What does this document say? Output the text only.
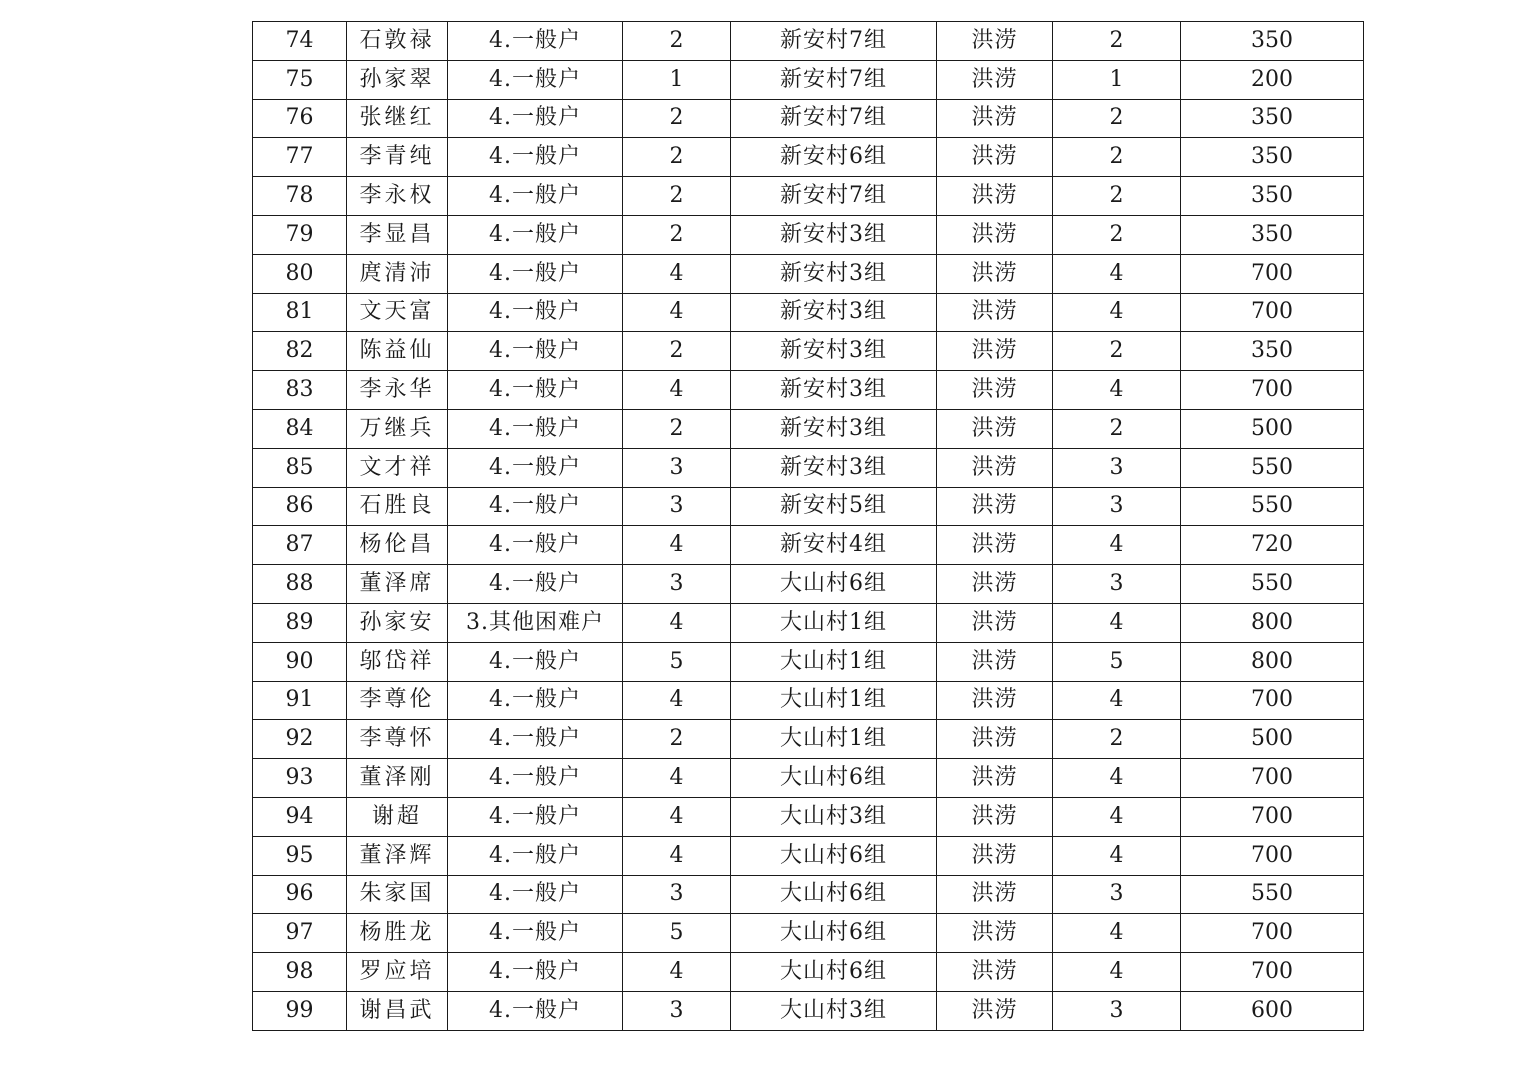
74	石敦禄	4.一般户	2	新安村7组	洪涝	2	350
75	孙家翠	4.一般户	1	新安村7组	洪涝	1	200
76	张继红	4.一般户	2	新安村7组	洪涝	2	350
77	李青纯	4.一般户	2	新安村6组	洪涝	2	350
78	李永权	4.一般户	2	新安村7组	洪涝	2	350
79	李显昌	4.一般户	2	新安村3组	洪涝	2	350
80	庹清沛	4.一般户	4	新安村3组	洪涝	4	700
81	文天富	4.一般户	4	新安村3组	洪涝	4	700
82	陈益仙	4.一般户	2	新安村3组	洪涝	2	350
83	李永华	4.一般户	4	新安村3组	洪涝	4	700
84	万继兵	4.一般户	2	新安村3组	洪涝	2	500
85	文才祥	4.一般户	3	新安村3组	洪涝	3	550
86	石胜良	4.一般户	3	新安村5组	洪涝	3	550
87	杨伦昌	4.一般户	4	新安村4组	洪涝	4	720
88	董泽席	4.一般户	3	大山村6组	洪涝	3	550
89	孙家安	3.其他困难户	4	大山村1组	洪涝	4	800
90	邬岱祥	4.一般户	5	大山村1组	洪涝	5	800
91	李尊伦	4.一般户	4	大山村1组	洪涝	4	700
92	李尊怀	4.一般户	2	大山村1组	洪涝	2	500
93	董泽刚	4.一般户	4	大山村6组	洪涝	4	700
94	谢超	4.一般户	4	大山村3组	洪涝	4	700
95	董泽辉	4.一般户	4	大山村6组	洪涝	4	700
96	朱家国	4.一般户	3	大山村6组	洪涝	3	550
97	杨胜龙	4.一般户	5	大山村6组	洪涝	4	700
98	罗应培	4.一般户	4	大山村6组	洪涝	4	700
99	谢昌武	4.一般户	3	大山村3组	洪涝	3	600
